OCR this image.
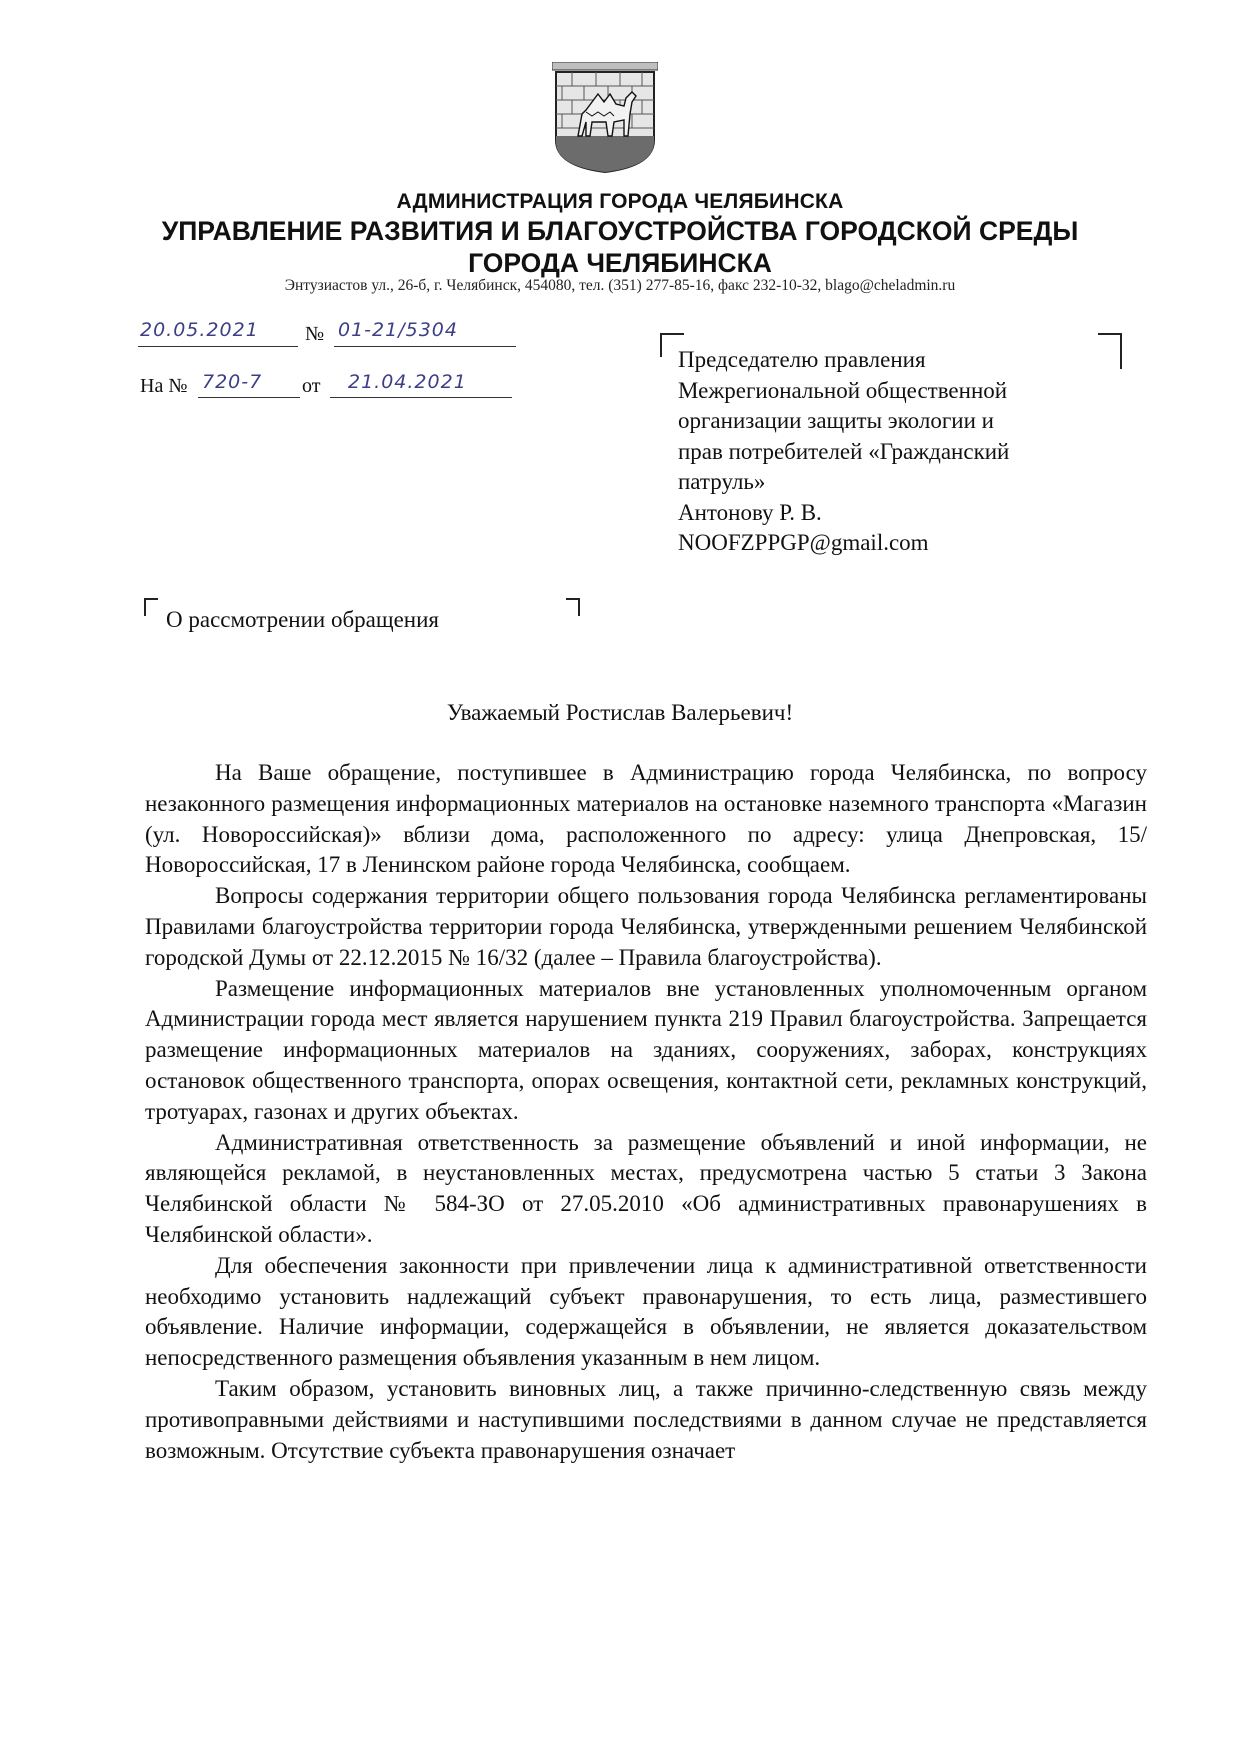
АДМИНИСТРАЦИЯ ГОРОДА ЧЕЛЯБИНСКА
УПРАВЛЕНИЕ РАЗВИТИЯ И БЛАГОУСТРОЙСТВА ГОРОДСКОЙ СРЕДЫ
ГОРОДА ЧЕЛЯБИНСКА
Энтузиастов ул., 26-б, г. Челябинск, 454080, тел. (351) 277-85-16, факс 232-10-32, blago@cheladmin.ru
20.05.2021 № 01-21/5304
На № 720-7 от 21.04.2021
Председателю правления
Межрегиональной общественной
организации защиты экологии и
прав потребителей «Гражданский
патруль»
Антонову Р. В.
NOOFZPPGP@gmail.com
О рассмотрении обращения
Уважаемый Ростислав Валерьевич!

На Ваше обращение, поступившее в Администрацию города Челябинска, по вопросу незаконного размещения информационных материалов на остановке наземного транспорта «Магазин (ул. Новороссийская)» вблизи дома, расположенного по адресу: улица Днепровская, 15/ Новороссийская, 17 в Ленинском районе города Челябинска, сообщаем.

Вопросы содержания территории общего пользования города Челябинска регламентированы Правилами благоустройства территории города Челябинска, утвержденными решением Челябинской городской Думы от 22.12.2015 № 16/32 (далее – Правила благоустройства).

Размещение информационных материалов вне установленных уполномоченным органом Администрации города мест является нарушением пункта 219 Правил благоустройства. Запрещается размещение информационных материалов на зданиях, сооружениях, заборах, конструкциях остановок общественного транспорта, опорах освещения, контактной сети, рекламных конструкций, тротуарах, газонах и других объектах.

Административная ответственность за размещение объявлений и иной информации, не являющейся рекламой, в неустановленных местах, предусмотрена частью 5 статьи 3 Закона Челябинской области № 584-ЗО от 27.05.2010 «Об административных правонарушениях в Челябинской области».

Для обеспечения законности при привлечении лица к административной ответственности необходимо установить надлежащий субъект правонарушения, то есть лица, разместившего объявление. Наличие информации, содержащейся в объявлении, не является доказательством непосредственного размещения объявления указанным в нем лицом.

Таким образом, установить виновных лиц, а также причинно-следственную связь между противоправными действиями и наступившими последствиями в данном случае не представляется возможным. Отсутствие субъекта правонарушения означает
